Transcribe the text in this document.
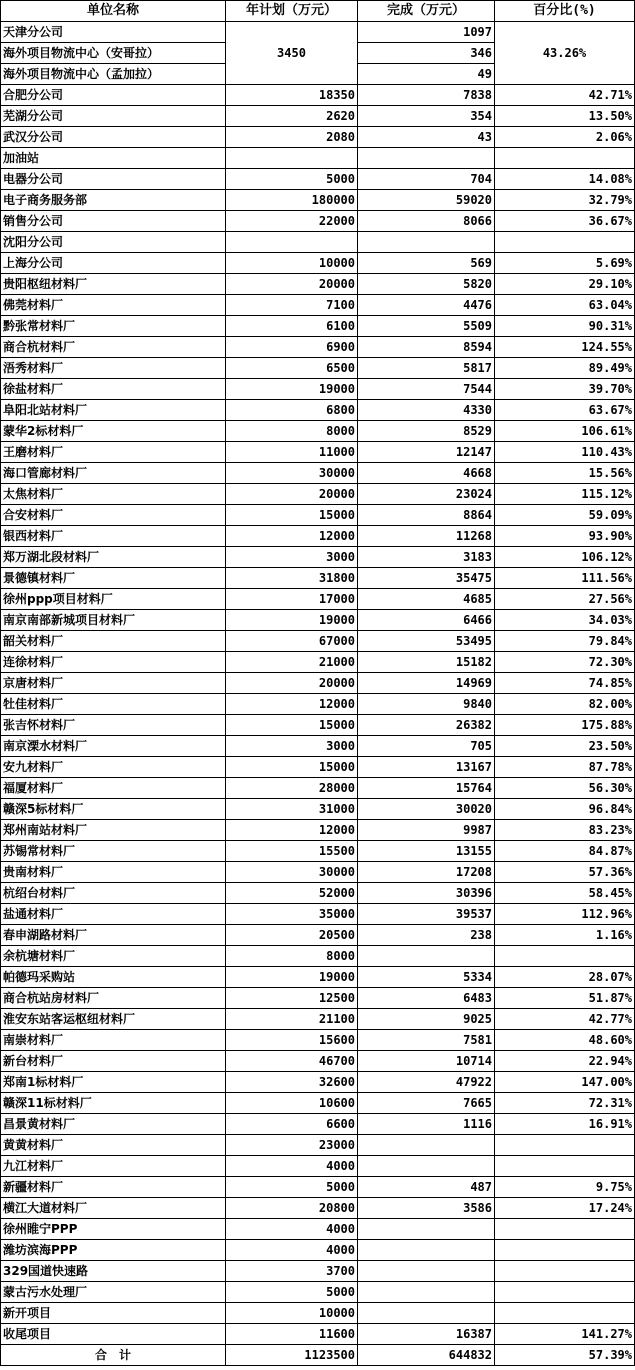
单位名称	年计划（万元）	完成（万元）	百分比(%)
天津分公司	3450	1097	43.26%
海外项目物流中心（安哥拉）		346	
海外项目物流中心（孟加拉）		49	
合肥分公司	18350	7838	42.71%
芜湖分公司	2620	354	13.50%
武汉分公司	2080	43	2.06%
加油站			
电器分公司	5000	704	14.08%
电子商务服务部	180000	59020	32.79%
销售分公司	22000	8066	36.67%
沈阳分公司			
上海分公司	10000	569	5.69%
贵阳枢纽材料厂	20000	5820	29.10%
佛莞材料厂	7100	4476	63.04%
黔张常材料厂	6100	5509	90.31%
商合杭材料厂	6900	8594	124.55%
浯秀材料厂	6500	5817	89.49%
徐盐材料厂	19000	7544	39.70%
阜阳北站材料厂	6800	4330	63.67%
蒙华2标材料厂	8000	8529	106.61%
王磨材料厂	11000	12147	110.43%
海口管廊材料厂	30000	4668	15.56%
太焦材料厂	20000	23024	115.12%
合安材料厂	15000	8864	59.09%
银西材料厂	12000	11268	93.90%
郑万湖北段材料厂	3000	3183	106.12%
景德镇材料厂	31800	35475	111.56%
徐州ppp项目材料厂	17000	4685	27.56%
南京南部新城项目材料厂	19000	6466	34.03%
韶关材料厂	67000	53495	79.84%
连徐材料厂	21000	15182	72.30%
京唐材料厂	20000	14969	74.85%
牡佳材料厂	12000	9840	82.00%
张吉怀材料厂	15000	26382	175.88%
南京溧水材料厂	3000	705	23.50%
安九材料厂	15000	13167	87.78%
福厦材料厂	28000	15764	56.30%
赣深5标材料厂	31000	30020	96.84%
郑州南站材料厂	12000	9987	83.23%
苏锡常材料厂	15500	13155	84.87%
贵南材料厂	30000	17208	57.36%
杭绍台材料厂	52000	30396	58.45%
盐通材料厂	35000	39537	112.96%
春申湖路材料厂	20500	238	1.16%
余杭塘材料厂	8000		
帕德玛采购站	19000	5334	28.07%
商合杭站房材料厂	12500	6483	51.87%
淮安东站客运枢纽材料厂	21100	9025	42.77%
南崇材料厂	15600	7581	48.60%
新台材料厂	46700	10714	22.94%
郑南1标材料厂	32600	47922	147.00%
赣深11标材料厂	10600	7665	72.31%
昌景黄材料厂	6600	1116	16.91%
黄黄材料厂	23000		
九江材料厂	4000		
新疆材料厂	5000	487	9.75%
横江大道材料厂	20800	3586	17.24%
徐州睢宁PPP	4000		
潍坊滨海PPP	4000		
329国道快速路	3700		
蒙古污水处理厂	5000		
新开项目	10000		
收尾项目	11600	16387	141.27%
合　计	1123500	644832	57.39%
